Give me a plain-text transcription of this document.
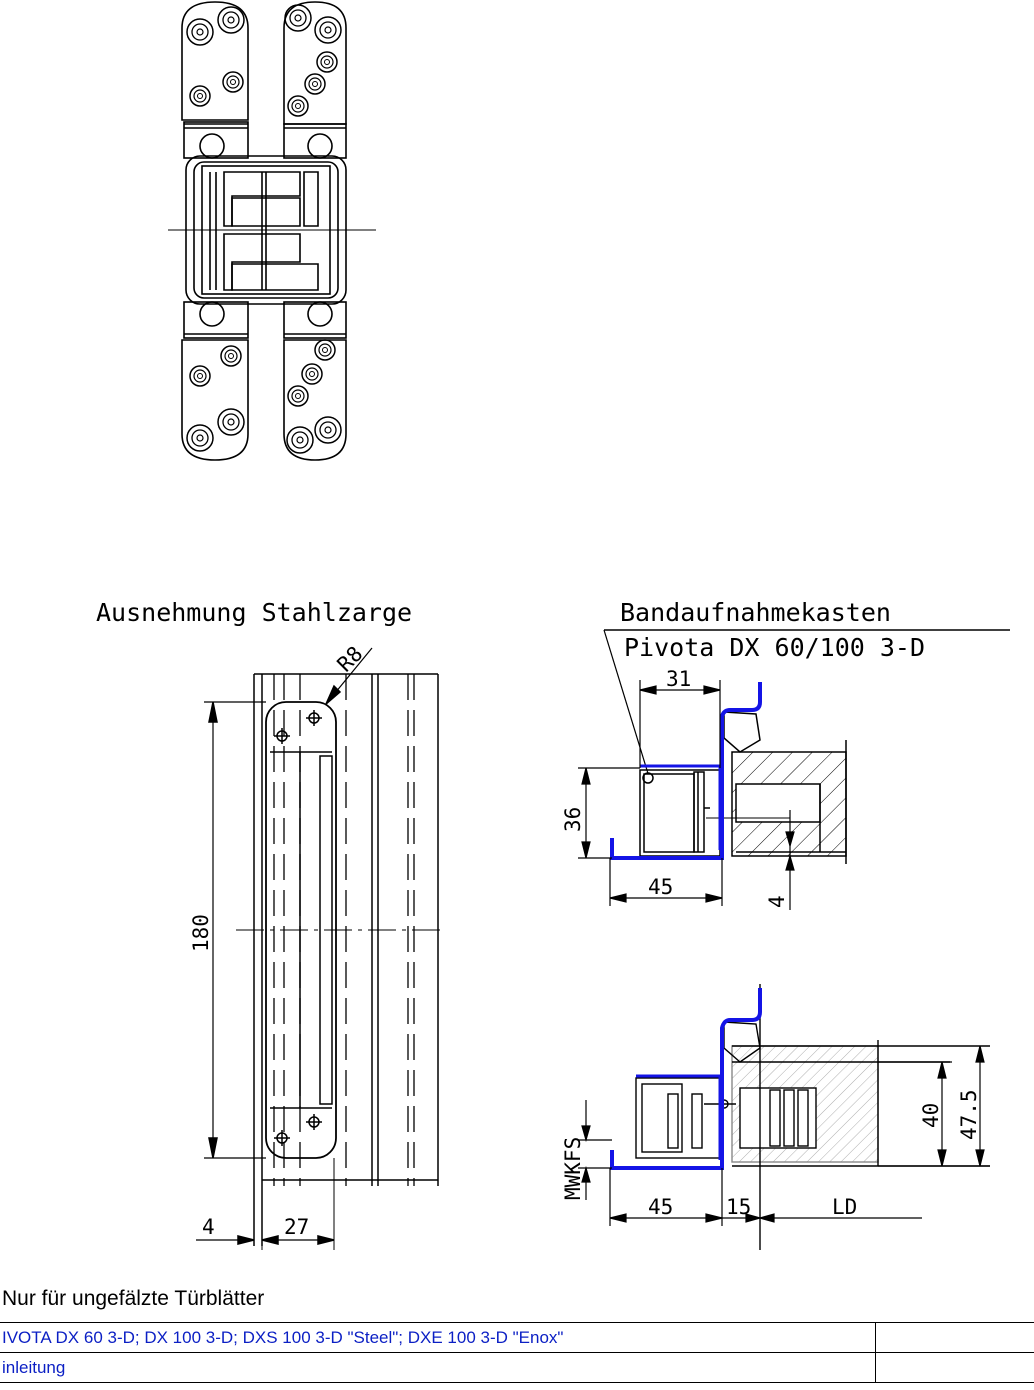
Ausnehmung Stahlzarge
R8
180
4	27
Bandaufnahmekasten
Pivota DX 60/100 3-D
31
36
45
4
MWKFS
45	15	LD
40 47.5
Nur für ungefälzte Türblätter
IVOTA DX 60 3-D; DX 100 3-D; DXS 100 3-D "Steel"; DXE 100 3-D "Enox"	
inleitung	
